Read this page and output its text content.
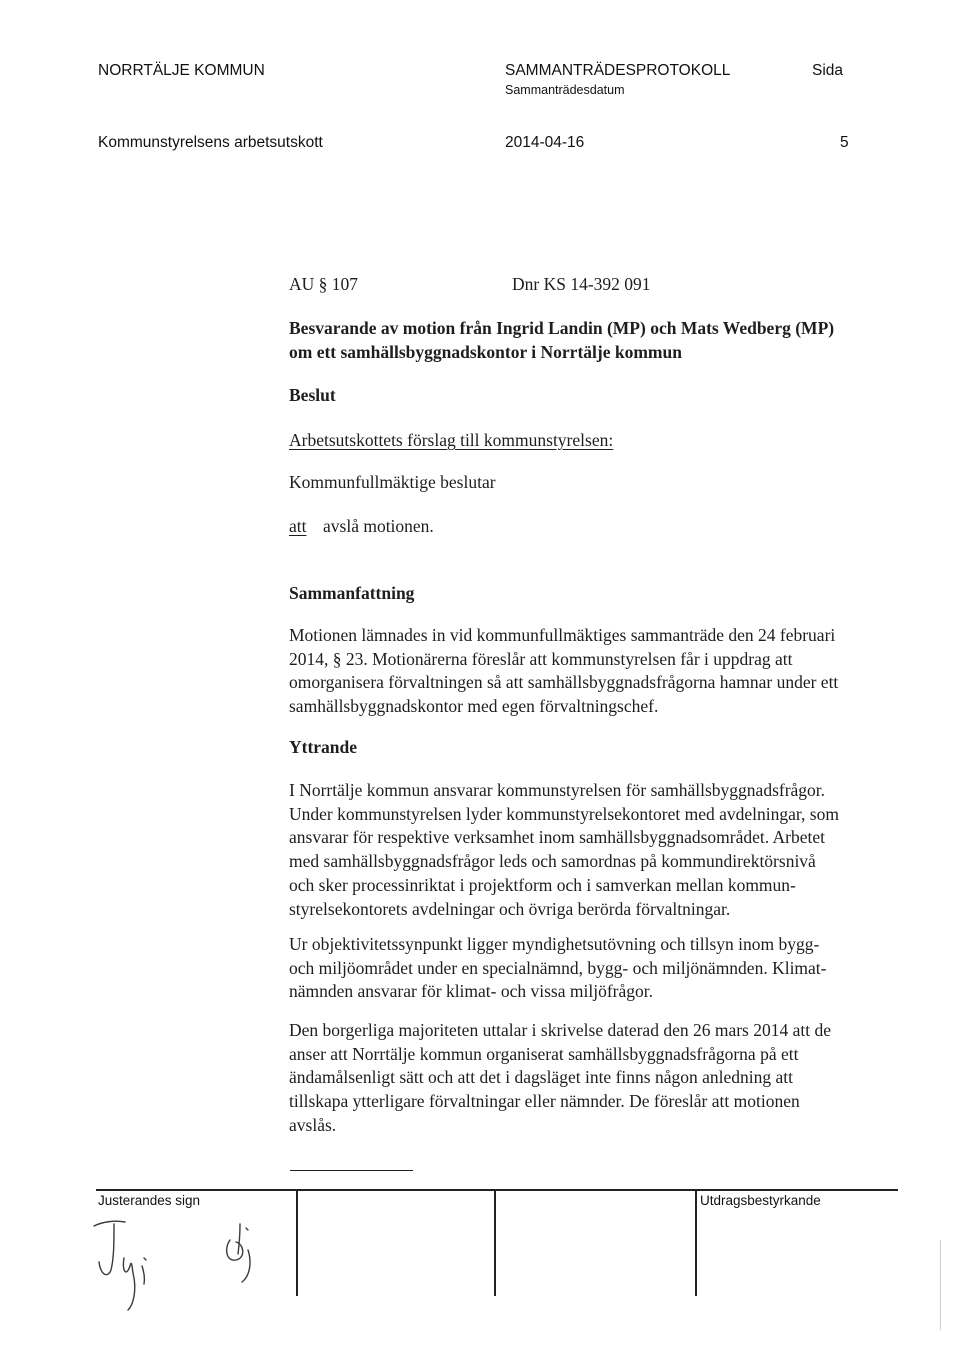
NORRTÄLJE KOMMUN	SAMMANTRÄDESPROTOKOLL	Sida
Sammanträdesdatum
Kommunstyrelsens arbetsutskott	2014-04-16	5
AU § 107	Dnr KS 14-392 091
Besvarande av motion från Ingrid Landin (MP) och Mats Wedberg (MP)
om ett samhällsbyggnadskontor i Norrtälje kommun
Beslut
Arbetsutskottets förslag till kommunstyrelsen:
Kommunfullmäktige beslutar
att avslå motionen.
Sammanfattning
Motionen lämnades in vid kommunfullmäktiges sammanträde den 24 februari
2014, § 23. Motionärerna föreslår att kommunstyrelsen får i uppdrag att
omorganisera förvaltningen så att samhällsbyggnadsfrågorna hamnar under ett
samhällsbyggnadskontor med egen förvaltningschef.
Yttrande
I Norrtälje kommun ansvarar kommunstyrelsen för samhällsbyggnadsfrågor.
Under kommunstyrelsen lyder kommunstyrelsekontoret med avdelningar, som
ansvarar för respektive verksamhet inom samhällsbyggnadsområdet. Arbetet
med samhällsbyggnadsfrågor leds och samordnas på kommundirektörsnivå
och sker processinriktat i projektform och i samverkan mellan kommun-
styrelsekontorets avdelningar och övriga berörda förvaltningar.
Ur objektivitetssynpunkt ligger myndighetsutövning och tillsyn inom bygg-
och miljöområdet under en specialnämnd, bygg- och miljönämnden. Klimat-
nämnden ansvarar för klimat- och vissa miljöfrågor.
Den borgerliga majoriteten uttalar i skrivelse daterad den 26 mars 2014 att de
anser att Norrtälje kommun organiserat samhällsbyggnadsfrågorna på ett
ändamålsenligt sätt och att det i dagsläget inte finns någon anledning att
tillskapa ytterligare förvaltningar eller nämnder. De föreslår att motionen
avslås.
Justerandes sign	Utdragsbestyrkande
